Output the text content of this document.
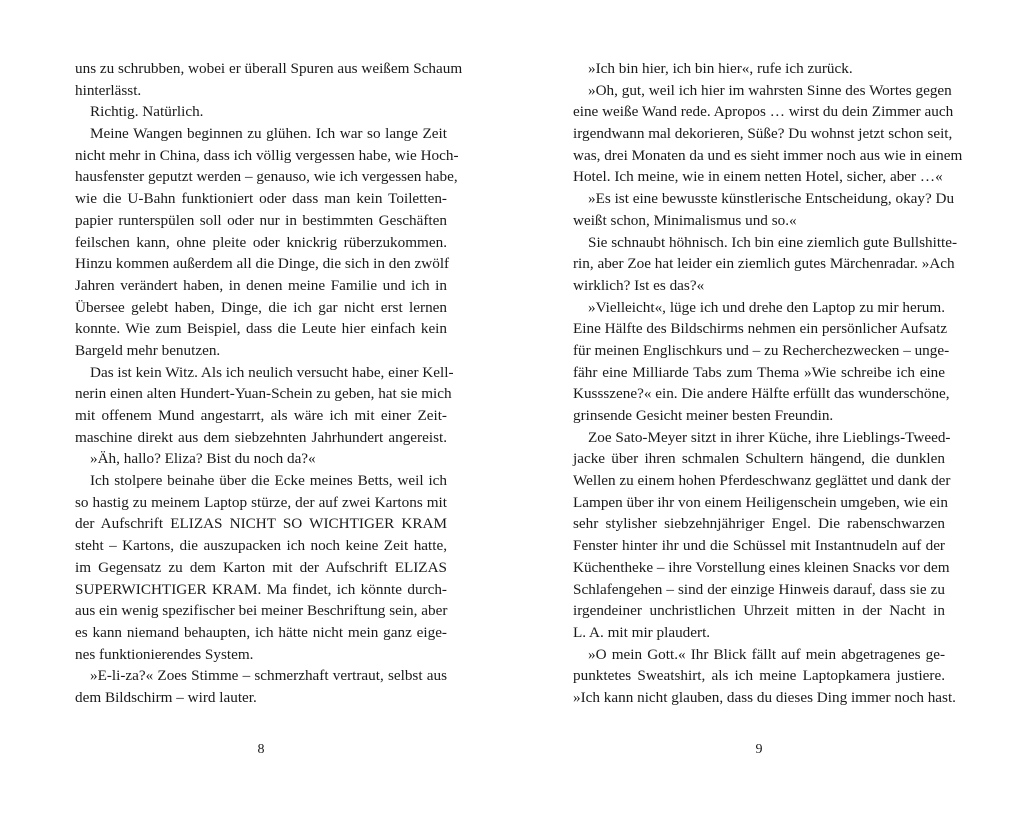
uns zu schrubben, wobei er überall Spuren aus weißem Schaum
hinterlässt.
Richtig. Natürlich.
Meine Wangen beginnen zu glühen. Ich war so lange Zeit
nicht mehr in China, dass ich völlig vergessen habe, wie Hoch-
hausfenster geputzt werden – genauso, wie ich vergessen habe,
wie die U-Bahn funktioniert oder dass man kein Toiletten-
papier runterspülen soll oder nur in bestimmten Geschäften
feilschen kann, ohne pleite oder knickrig rüberzukommen.
Hinzu kommen außerdem all die Dinge, die sich in den zwölf
Jahren verändert haben, in denen meine Familie und ich in
Übersee gelebt haben, Dinge, die ich gar nicht erst lernen
konnte. Wie zum Beispiel, dass die Leute hier einfach kein
Bargeld mehr benutzen.
Das ist kein Witz. Als ich neulich versucht habe, einer Kell-
nerin einen alten Hundert-Yuan-Schein zu geben, hat sie mich
mit offenem Mund angestarrt, als wäre ich mit einer Zeit-
maschine direkt aus dem siebzehnten Jahrhundert angereist.
»Äh, hallo? Eliza? Bist du noch da?«
Ich stolpere beinahe über die Ecke meines Betts, weil ich
so hastig zu meinem Laptop stürze, der auf zwei Kartons mit
der Aufschrift ELIZAS NICHT SO WICHTIGER KRAM
steht – Kartons, die auszupacken ich noch keine Zeit hatte,
im Gegensatz zu dem Karton mit der Aufschrift ELIZAS
SUPERWICHTIGER KRAM. Ma findet, ich könnte durch-
aus ein wenig spezifischer bei meiner Beschriftung sein, aber
es kann niemand behaupten, ich hätte nicht mein ganz eige-
nes funktionierendes System.
»E-li-za?« Zoes Stimme – schmerzhaft vertraut, selbst aus
dem Bildschirm – wird lauter.
»Ich bin hier, ich bin hier«, rufe ich zurück.
»Oh, gut, weil ich hier im wahrsten Sinne des Wortes gegen
eine weiße Wand rede. Apropos … wirst du dein Zimmer auch
irgendwann mal dekorieren, Süße? Du wohnst jetzt schon seit,
was, drei Monaten da und es sieht immer noch aus wie in einem
Hotel. Ich meine, wie in einem netten Hotel, sicher, aber …«
»Es ist eine bewusste künstlerische Entscheidung, okay? Du
weißt schon, Minimalismus und so.«
Sie schnaubt höhnisch. Ich bin eine ziemlich gute Bullshitte-
rin, aber Zoe hat leider ein ziemlich gutes Märchenradar. »Ach
wirklich? Ist es das?«
»Vielleicht«, lüge ich und drehe den Laptop zu mir herum.
Eine Hälfte des Bildschirms nehmen ein persönlicher Aufsatz
für meinen Englischkurs und – zu Recherchezwecken – unge-
fähr eine Milliarde Tabs zum Thema »Wie schreibe ich eine
Kussszene?« ein. Die andere Hälfte erfüllt das wunderschöne,
grinsende Gesicht meiner besten Freundin.
Zoe Sato-Meyer sitzt in ihrer Küche, ihre Lieblings-Tweed-
jacke über ihren schmalen Schultern hängend, die dunklen
Wellen zu einem hohen Pferdeschwanz geglättet und dank der
Lampen über ihr von einem Heiligenschein umgeben, wie ein
sehr stylisher siebzehnjähriger Engel. Die rabenschwarzen
Fenster hinter ihr und die Schüssel mit Instantnudeln auf der
Küchentheke – ihre Vorstellung eines kleinen Snacks vor dem
Schlafengehen – sind der einzige Hinweis darauf, dass sie zu
irgendeiner unchristlichen Uhrzeit mitten in der Nacht in
L. A. mit mir plaudert.
»O mein Gott.« Ihr Blick fällt auf mein abgetragenes ge-
punktetes Sweatshirt, als ich meine Laptopkamera justiere.
»Ich kann nicht glauben, dass du dieses Ding immer noch hast.
8	9
